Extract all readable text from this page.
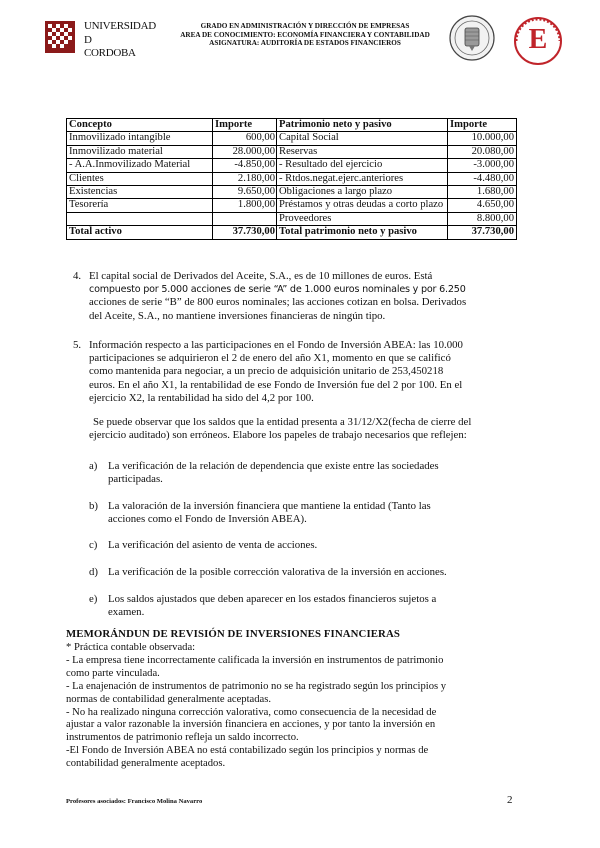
UNIVERSIDAD
D
CORDOBA
GRADO EN ADMINISTRACIÓN Y DIRECCIÓN DE EMPRESAS
AREA DE CONOCIMIENTO: ECONOMÍA FINANCIERA Y CONTABILIDAD
ASIGNATURA: AUDITORÍA DE ESTADOS FINANCIEROS	E
Concepto	Importe	Patrimonio neto y pasivo	Importe
Inmovilizado intangible	600,00	Capital Social	10.000,00
Inmovilizado material	28.000,00	Reservas	20.080,00
- A.A.Inmovilizado Material	-4.850,00	- Resultado del ejercicio	-3.000,00
Clientes	2.180,00	- Rtdos.negat.ejerc.anteriores	-4.480,00
Existencias	9.650,00	Obligaciones a largo plazo	1.680,00
Tesorería	1.800,00	Préstamos y otras deudas a corto plazo	4.650,00
		Proveedores	8.800,00
Total activo	37.730,00	Total patrimonio neto y pasivo	37.730,00
4. El capital social de Derivados del Aceite, S.A., es de 10 millones de euros. Está
compuesto por 5.000 acciones de serie “A” de 1.000 euros nominales y por 6.250
acciones de serie “B” de 800 euros nominales; las acciones cotizan en bolsa. Derivados
del Aceite, S.A., no mantiene inversiones financieras de ningún tipo.
5. Información respecto a las participaciones en el Fondo de Inversión ABEA: las 10.000
participaciones se adquirieron el 2 de enero del año X1, momento en que se calificó
como mantenida para negociar, a un precio de adquisición unitario de 253,450218
euros. En el año X1, la rentabilidad de ese Fondo de Inversión fue del 2 por 100. En el
ejercicio X2, la rentabilidad ha sido del 4,2 por 100.
Se puede observar que los saldos que la entidad presenta a 31/12/X2(fecha de cierre del
ejercicio auditado) son erróneos. Elabore los papeles de trabajo necesarios que reflejen:
a) La verificación de la relación de dependencia que existe entre las sociedades
participadas.
b) La valoración de la inversión financiera que mantiene la entidad (Tanto las
acciones como el Fondo de Inversión ABEA).
c) La verificación del asiento de venta de acciones.
d) La verificación de la posible corrección valorativa de la inversión en acciones.
e) Los saldos ajustados que deben aparecer en los estados financieros sujetos a
examen.
MEMORÁNDUN DE REVISIÓN DE INVERSIONES FINANCIERAS
* Práctica contable observada:
- La empresa tiene incorrectamente calificada la inversión en instrumentos de patrimonio
como parte vinculada.
- La enajenación de instrumentos de patrimonio no se ha registrado según los principios y
normas de contabilidad generalmente aceptadas.
- No ha realizado ninguna corrección valorativa, como consecuencia de la necesidad de
ajustar a valor razonable la inversión financiera en acciones, y por tanto la inversión en
instrumentos de patrimonio refleja un saldo incorrecto.
-El Fondo de Inversión ABEA no está contabilizado según los principios y normas de
contabilidad generalmente aceptados.
Profesores asociados: Francisco Molina Navarro	2
